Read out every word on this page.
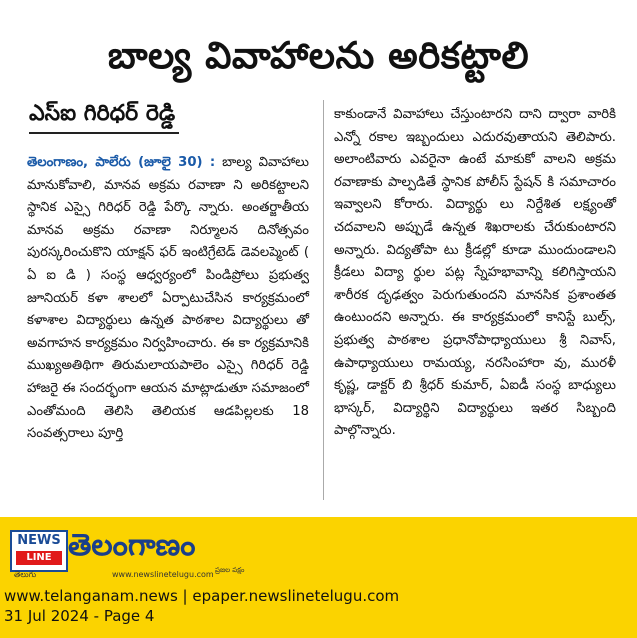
బాల్య వివాహాలను అరికట్టాలి
ఎస్ఐ గిరిధర్ రెడ్డి
తెలంగాణం, పాలేరు (జూలై 30) : బాల్య వివాహాలు మానుకోవాలి, మానవ అక్రమ రవాణా ని అరికట్టాలని స్థానిక ఎస్సై గిరిధర్ రెడ్డి పేర్కొ న్నారు. అంతర్జాతీయ మానవ అక్రమ రవాణా నిర్మూలన దినోత్సవం పురస్కరించుకొని యాక్షన్ ఫర్ ఇంటిగ్రేటెడ్ డెవలప్మెంట్ ( ఏ ఐ డి ) సంస్థ ఆధ్వర్యంలో పిండిప్రోలు ప్రభుత్వ జూనియర్ కళా శాలలో ఏర్పాటుచేసిన కార్యక్రమంలో కళాశాల విద్యార్థులు ఉన్నత పాఠశాల విద్యార్థులు తో అవగాహన కార్యక్రమం నిర్వహించారు. ఈ కా ర్యక్రమానికి ముఖ్యఅతిథిగా తిరుమలాయపాలెం ఎస్సై గిరిధర్ రెడ్డి హాజరై ఈ సందర్భంగా ఆయన మాట్లాడుతూ సమాజంలో ఎంతోమంది తెలిసి తెలియక ఆడపిల్లలకు 18 సంవత్సరాలు పూర్తి
కాకుండానే వివాహాలు చేస్తుంటారని దాని ద్వారా వారికి ఎన్నో రకాల ఇబ్బందులు ఎదురవుతాయని తెలిపారు. అలాంటివారు ఎవరైనా ఉంటే మాకుకో వాలని అక్రమ రవాణాకు పాల్పడితే స్థానిక పోలీస్ స్టేషన్ కి సమాచారం ఇవ్వాలని కోరారు. విద్యార్థు లు నిర్దేశిత లక్ష్యంతో చదవాలని అప్పుడే ఉన్నత శిఖరాలకు చేరుకుంటారని అన్నారు. విద్యతోపా టు క్రీడల్లో కూడా ముందుండాలని క్రీడలు విద్యా ర్థుల పట్ల స్నేహభావాన్ని కలిగిస్తాయని శారీరక దృఢత్వం పెరుగుతుందని మానసిక ప్రశాంతత ఉంటుందని అన్నారు. ఈ కార్యక్రమంలో కానిస్టే బుల్స్, ప్రభుత్వ పాఠశాల ప్రధానోపాధ్యాయులు శ్రీ నివాస్, ఉపాధ్యాయులు రామయ్య, నరసింహారా వు, మురళీ కృష్ణ, డాక్టర్ బి శ్రీధర్ కుమార్, ఏఐడీ సంస్థ బాధ్యులు భాస్కర్, విద్యార్థిని విద్యార్థులు ఇతర సిబ్బంది పాల్గొన్నారు.
NEWS
LINE
తెలుగు
తెలంగాణం
www.newslinetelugu.com ప్రజల పక్షం
www.telanganam.news | epaper.newslinetelugu.com
31 Jul 2024 - Page 4
